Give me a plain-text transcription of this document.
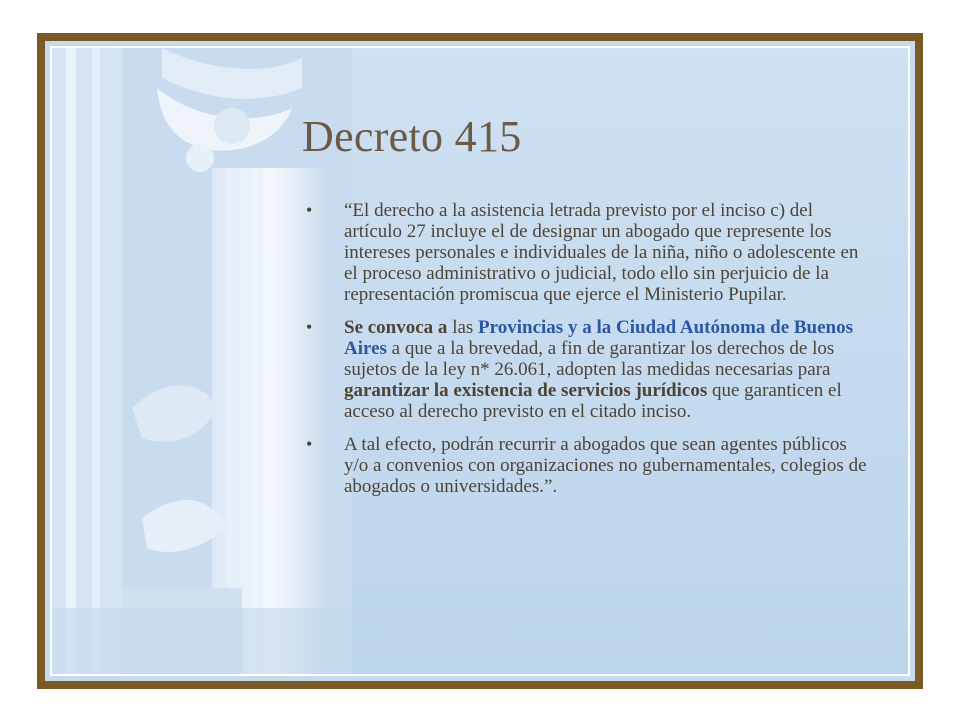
Decreto 415
• “El derecho a la asistencia letrada previsto por el inciso c) del artículo 27 incluye el de designar un abogado que represente los intereses personales e individuales de la niña, niño o adolescente en el proceso administrativo o judicial, todo ello sin perjuicio de la representación promiscua que ejerce el Ministerio Pupilar.
• Se convoca a las Provincias y a la Ciudad Autónoma de Buenos Aires a que a la brevedad, a fin de garantizar los derechos de los sujetos de la ley n* 26.061, adopten las medidas necesarias para garantizar la existencia de servicios jurídicos que garanticen el acceso al derecho previsto en el citado inciso.
• A tal efecto, podrán recurrir a abogados que sean agentes públicos y/o a convenios con organizaciones no gubernamentales, colegios de abogados o universidades.”.
